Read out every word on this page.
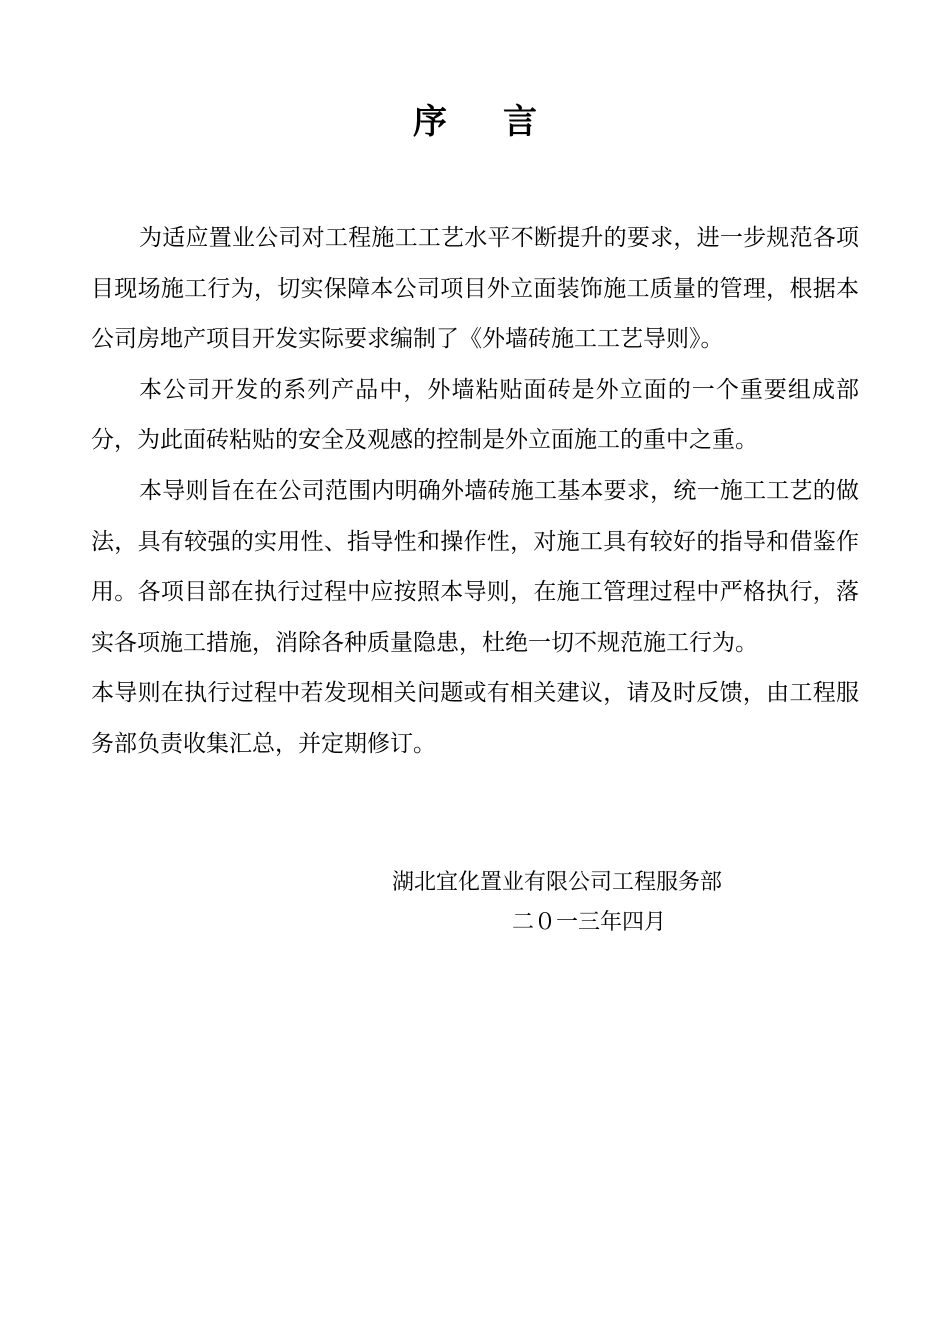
序 言

为适应置业公司对工程施工工艺水平不断提升的要求，进一步规范各项目现场施工行为，切实保障本公司项目外立面装饰施工质量的管理，根据本公司房地产项目开发实际要求编制了《外墙砖施工工艺导则》。

本公司开发的系列产品中，外墙粘贴面砖是外立面的一个重要组成部分，为此面砖粘贴的安全及观感的控制是外立面施工的重中之重。

本导则旨在在公司范围内明确外墙砖施工基本要求，统一施工工艺的做法，具有较强的实用性、指导性和操作性，对施工具有较好的指导和借鉴作用。各项目部在执行过程中应按照本导则，在施工管理过程中严格执行，落实各项施工措施，消除各种质量隐患，杜绝一切不规范施工行为。

本导则在执行过程中若发现相关问题或有相关建议，请及时反馈，由工程服务部负责收集汇总，并定期修订。

湖北宜化置业有限公司工程服务部
二０一三年四月
